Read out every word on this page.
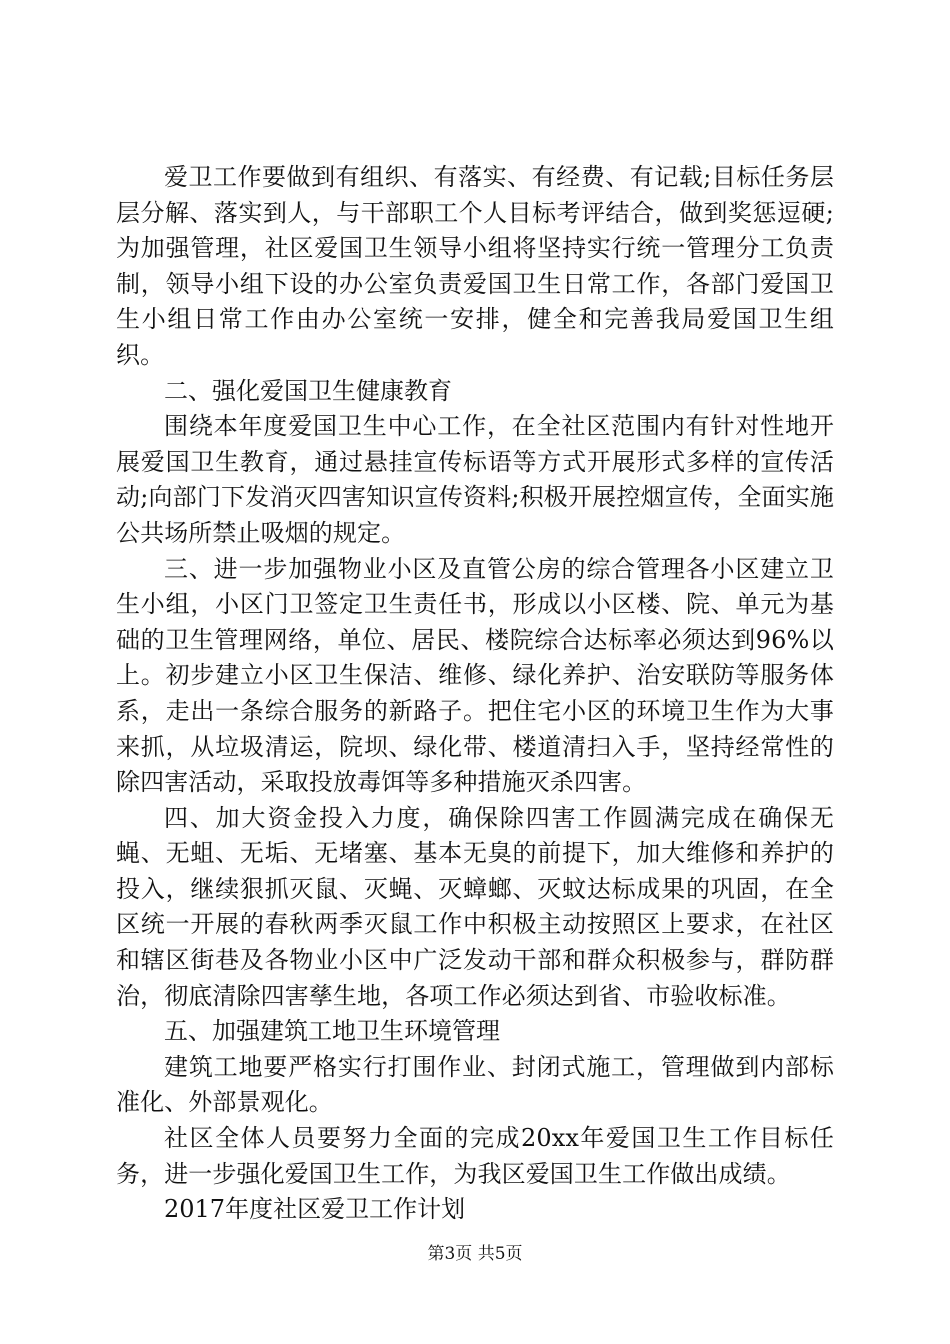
爱卫工作要做到有组织、有落实、有经费、有记载;目标任务层层分解、落实到人，与干部职工个人目标考评结合，做到奖惩逗硬;为加强管理，社区爱国卫生领导小组将坚持实行统一管理分工负责制，领导小组下设的办公室负责爱国卫生日常工作，各部门爱国卫生小组日常工作由办公室统一安排，健全和完善我局爱国卫生组织。

二、强化爱国卫生健康教育

围绕本年度爱国卫生中心工作，在全社区范围内有针对性地开展爱国卫生教育，通过悬挂宣传标语等方式开展形式多样的宣传活动;向部门下发消灭四害知识宣传资料;积极开展控烟宣传，全面实施公共场所禁止吸烟的规定。

三、进一步加强物业小区及直管公房的综合管理各小区建立卫生小组，小区门卫签定卫生责任书，形成以小区楼、院、单元为基础的卫生管理网络，单位、居民、楼院综合达标率必须达到96%以上。初步建立小区卫生保洁、维修、绿化养护、治安联防等服务体系，走出一条综合服务的新路子。把住宅小区的环境卫生作为大事来抓，从垃圾清运，院坝、绿化带、楼道清扫入手，坚持经常性的除四害活动，采取投放毒饵等多种措施灭杀四害。

四、加大资金投入力度，确保除四害工作圆满完成在确保无蝇、无蛆、无垢、无堵塞、基本无臭的前提下，加大维修和养护的投入，继续狠抓灭鼠、灭蝇、灭蟑螂、灭蚊达标成果的巩固，在全区统一开展的春秋两季灭鼠工作中积极主动按照区上要求，在社区和辖区街巷及各物业小区中广泛发动干部和群众积极参与，群防群治，彻底清除四害孳生地，各项工作必须达到省、市验收标准。

五、加强建筑工地卫生环境管理

建筑工地要严格实行打围作业、封闭式施工，管理做到内部标准化、外部景观化。

社区全体人员要努力全面的完成20xx年爱国卫生工作目标任务，进一步强化爱国卫生工作，为我区爱国卫生工作做出成绩。

2017年度社区爱卫工作计划

第3页 共5页
